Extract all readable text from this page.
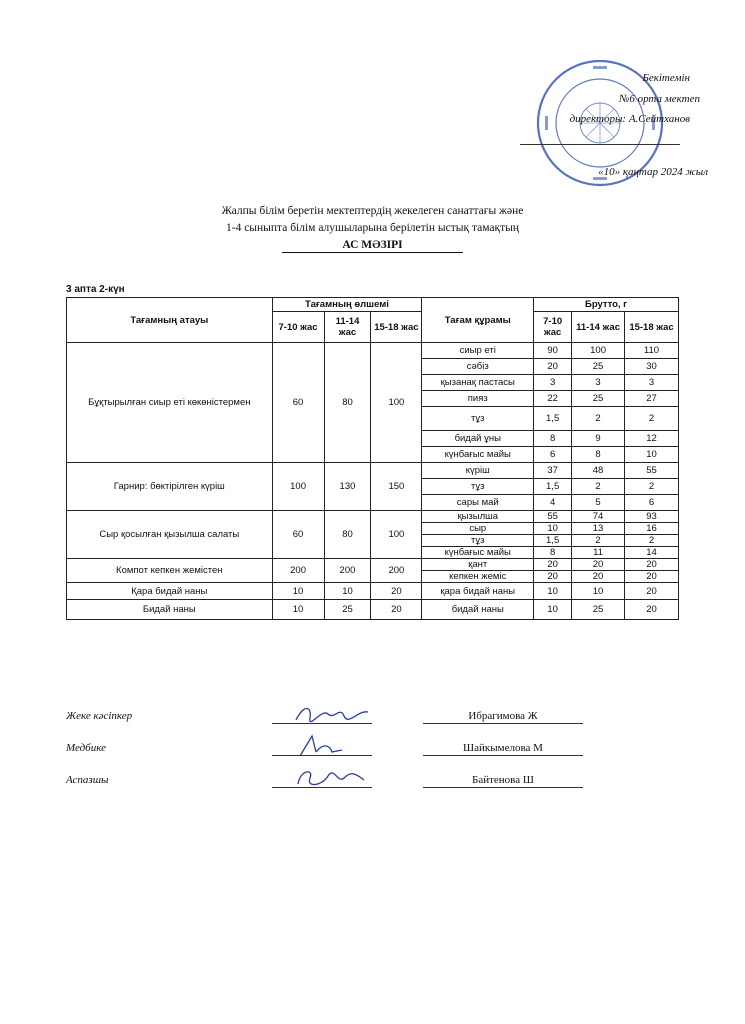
Бекітемін
№6 орта мектеп
директоры: А.Сейтханов
«10» қаңтар 2024 жыл
Жалпы білім беретін мектептердің жекелеген санаттағы және
1-4 сыныпта білім алушыларына берілетін ыстық тамақтың
АС МӘЗІРІ
3 апта 2-күн
Тағамның атауы	Тағамның өлшемі			Тағам құрамы	Брутто, г		
	7-10 жас	11-14 жас	15-18 жас		7-10 жас	11-14 жас	15-18 жас
Бұқтырылған сиыр еті көкөністермен	60	80	100	сиыр еті	90	100	110
				сәбіз	20	25	30
				қызанақ пастасы	3	3	3
				пияз	22	25	27
				тұз	1,5	2	2
				бидай ұны	8	9	12
				күнбағыс майы	6	8	10
Гарнир: бөктірілген күріш	100	130	150	күріш	37	48	55
				тұз	1,5	2	2
				сары май	4	5	6
Сыр қосылған қызылша салаты	60	80	100	қызылша	55	74	93
				сыр	10	13	16
				тұз	1,5	2	2
				күнбағыс майы	8	11	14
Компот кепкен жемістен	200	200	200	қант	20	20	20
				кепкен жеміс	20	20	20
Қара бидай наны	10	10	20	қара бидай наны	10	10	20
Бидай наны	10	25	20	бидай наны	10	25	20
Жеке кәсіпкер
Медбике
Аспазшы
Ибрагимова Ж
Шайкымелова М
Байтенова Ш
